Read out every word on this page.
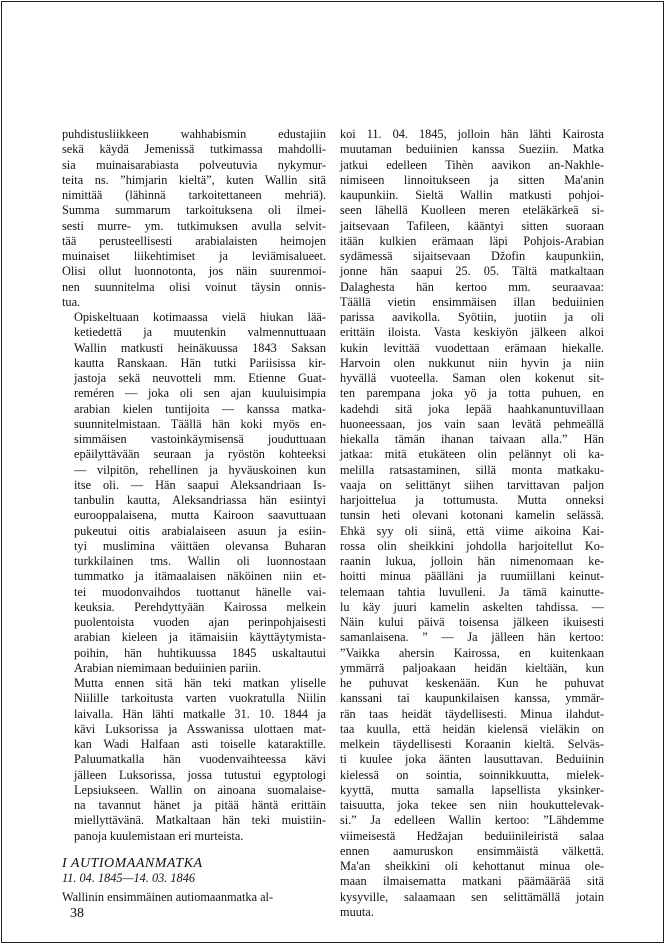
puhdistusliikkeen wahhabismin edustajiin
sekä käydä Jemenissä tutkimassa mahdolli-
sia muinaisarabiasta polveutuvia nykymur-
teita ns. ”himjarin kieltä”, kuten Wallin sitä
nimittää (lähinnä tarkoitettaneen mehriä).
Summa summarum tarkoituksena oli ilmei-
sesti murre- ym. tutkimuksen avulla selvit-
tää perusteellisesti arabialaisten heimojen
muinaiset liikehtimiset ja leviämisalueet.
Olisi ollut luonnotonta, jos näin suurenmoi-
nen suunnitelma olisi voinut täysin onnis-
tua.

Opiskeltuaan kotimaassa vielä hiukan lää-
ketiedettä ja muutenkin valmennuttuaan
Wallin matkusti heinäkuussa 1843 Saksan
kautta Ranskaan. Hän tutki Pariisissa kir-
jastoja sekä neuvotteli mm. Etienne Guat-
reméren — joka oli sen ajan kuuluisimpia
arabian kielen tuntijoita — kanssa matka-
suunnitelmistaan. Täällä hän koki myös en-
simmäisen vastoinkäymisensä jouduttuaan
epäilyttävään seuraan ja ryöstön kohteeksi
— vilpitön, rehellinen ja hyväuskoinen kun
itse oli. — Hän saapui Aleksandriaan Is-
tanbulin kautta, Aleksandriassa hän esiintyi
eurooppalaisena, mutta Kairoon saavuttuaan
pukeutui oitis arabialaiseen asuun ja esiin-
tyi muslimina väittäen olevansa Buharan
turkkilainen tms. Wallin oli luonnostaan
tummatko ja itämaalaisen näköinen niin et-
tei muodonvaihdos tuottanut hänelle vai-
keuksia. Perehdyttyään Kairossa melkein
puolentoista vuoden ajan perinpohjaisesti
arabian kieleen ja itämaisiin käyttäytymista-
poihin, hän huhtikuussa 1845 uskaltautui
Arabian niemimaan beduiinien pariin.

Mutta ennen sitä hän teki matkan yliselle
Niilille tarkoitusta varten vuokratulla Niilin
laivalla. Hän lähti matkalle 31. 10. 1844 ja
kävi Luksorissa ja Asswanissa ulottaen mat-
kan Wadi Halfaan asti toiselle kataraktille.
Paluumatkalla hän vuodenvaihteessa kävi
jälleen Luksorissa, jossa tutustui egyptologi
Lepsiukseen. Wallin on ainoana suomalaise-
na tavannut hänet ja pitää häntä erittäin
miellyttävänä. Matkaltaan hän teki muistiin-
panoja kuulemistaan eri murteista.

I AUTIOMAANMATKA
11. 04. 1845—14. 03. 1846
Wallinin ensimmäinen autiomaanmatka al-

koi 11. 04. 1845, jolloin hän lähti Kairosta
muutaman beduiinien kanssa Sueziin. Matka
jatkui edelleen Tihèn aavikon an-Nakhle-
nimiseen linnoitukseen ja sitten Ma'anin
kaupunkiin. Sieltä Wallin matkusti pohjoi-
seen lähellä Kuolleen meren eteläkärkeä si-
jaitsevaan Tafileen, kääntyi sitten suoraan
itään kulkien erämaan läpi Pohjois-Arabian
sydämessä sijaitsevaan Džofin kaupunkiin,
jonne hän saapui 25. 05. Tältä matkaltaan
Dalaghesta hän kertoo mm. seuraavaa:
Täällä vietin ensimmäisen illan beduiinien
parissa aavikolla. Syötiin, juotiin ja oli
erittäin iloista. Vasta keskiyön jälkeen alkoi
kukin levittää vuodettaan erämaan hiekalle.
Harvoin olen nukkunut niin hyvin ja niin
hyvällä vuoteella. Saman olen kokenut sit-
ten parempana joka yö ja totta puhuen, en
kadehdi sitä joka lepää haahkanuntuvillaan
huoneessaan, jos vain saan levätä pehmeällä
hiekalla tämän ihanan taivaan alla.” Hän
jatkaa: mitä etukäteen olin pelännyt oli ka-
melilla ratsastaminen, sillä monta matkaku-
vaaja on selittänyt siihen tarvittavan paljon
harjoittelua ja tottumusta. Mutta onneksi
tunsin heti olevani kotonani kamelin selässä.
Ehkä syy oli siinä, että viime aikoina Kai-
rossa olin sheikkini johdolla harjoitellut Ko-
raanin lukua, jolloin hän nimenomaan ke-
hoitti minua päälläni ja ruumiillani keinut-
telemaan tahtia luvulleni. Ja tämä kainutte-
lu käy juuri kamelin askelten tahdissa. —
Näin kului päivä toisensa jälkeen ikuisesti
samanlaisena. ” — Ja jälleen hän kertoo:
”Vaikka ahersin Kairossa, en kuitenkaan
ymmärrä paljoakaan heidän kieltään, kun
he puhuvat keskenään. Kun he puhuvat
kanssani tai kaupunkilaisen kanssa, ymmär-
rän taas heidät täydellisesti. Minua ilahdut-
taa kuulla, että heidän kielensä vieläkin on
melkein täydellisesti Koraanin kieltä. Selväs-
ti kuulee joka äänten lausuttavan. Beduiinin
kielessä on sointia, soinnikkuutta, mielek-
kyyttä, mutta samalla lapsellista yksinker-
taisuutta, joka tekee sen niin houkuttelevak-
si.” Ja edelleen Wallin kertoo: ”Lähdemme
viimeisestä Hedžajan beduiinileiristä salaa
ennen aamuruskon ensimmäistä välkettä.
Ma'an sheikkini oli kehottanut minua ole-
maan ilmaisematta matkani päämäärää sitä
kysyville, salaamaan sen selittämällä jotain
muuta.

38
